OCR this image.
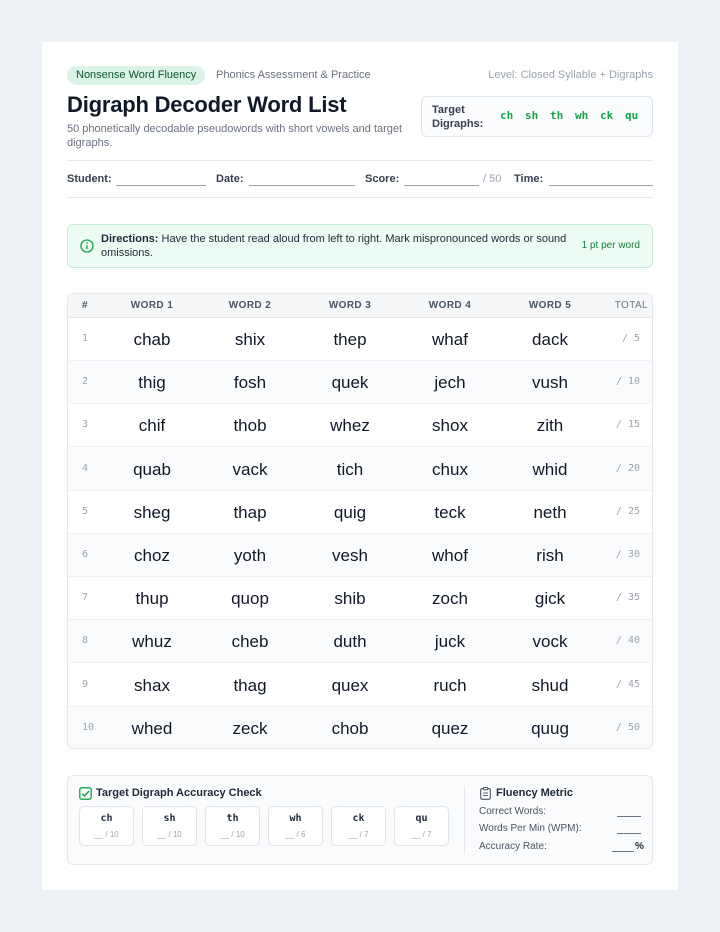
Nonsense Word Fluency	Phonics Assessment & Practice	Level: Closed Syllable + Digraphs
Digraph Decoder Word List
50 phonetically decodable pseudowords with short vowels and target digraphs.
Target Digraphs:
ch sh th wh ck qu
Student:	Date:	Score:	/ 50 Time:
Directions: Have the student read aloud from left to right. Mark mispronounced words or sound omissions.
1 pt per word
#	WORD 1	WORD 2	WORD 3	WORD 4	WORD 5	TOTAL
1	chab	shix	thep	whaf	dack	/ 5
2	thig	fosh	quek	jech	vush	/ 10
3	chif	thob	whez	shox	zith	/ 15
4	quab	vack	tich	chux	whid	/ 20
5	sheg	thap	quig	teck	neth	/ 25
6	choz	yoth	vesh	whof	rish	/ 30
7	thup	quop	shib	zoch	gick	/ 35
8	whuz	cheb	duth	juck	vock	/ 40
9	shax	thag	quex	ruch	shud	/ 45
10	whed	zeck	chob	quez	quug	/ 50
Target Digraph Accuracy Check
ch
__ / 10
sh
__ / 10
th
__ / 10
wh
__ / 6
ck
__ / 7
qu
__ / 7
Fluency Metric
Correct Words:
Words Per Min (WPM):
Accuracy Rate:	%
